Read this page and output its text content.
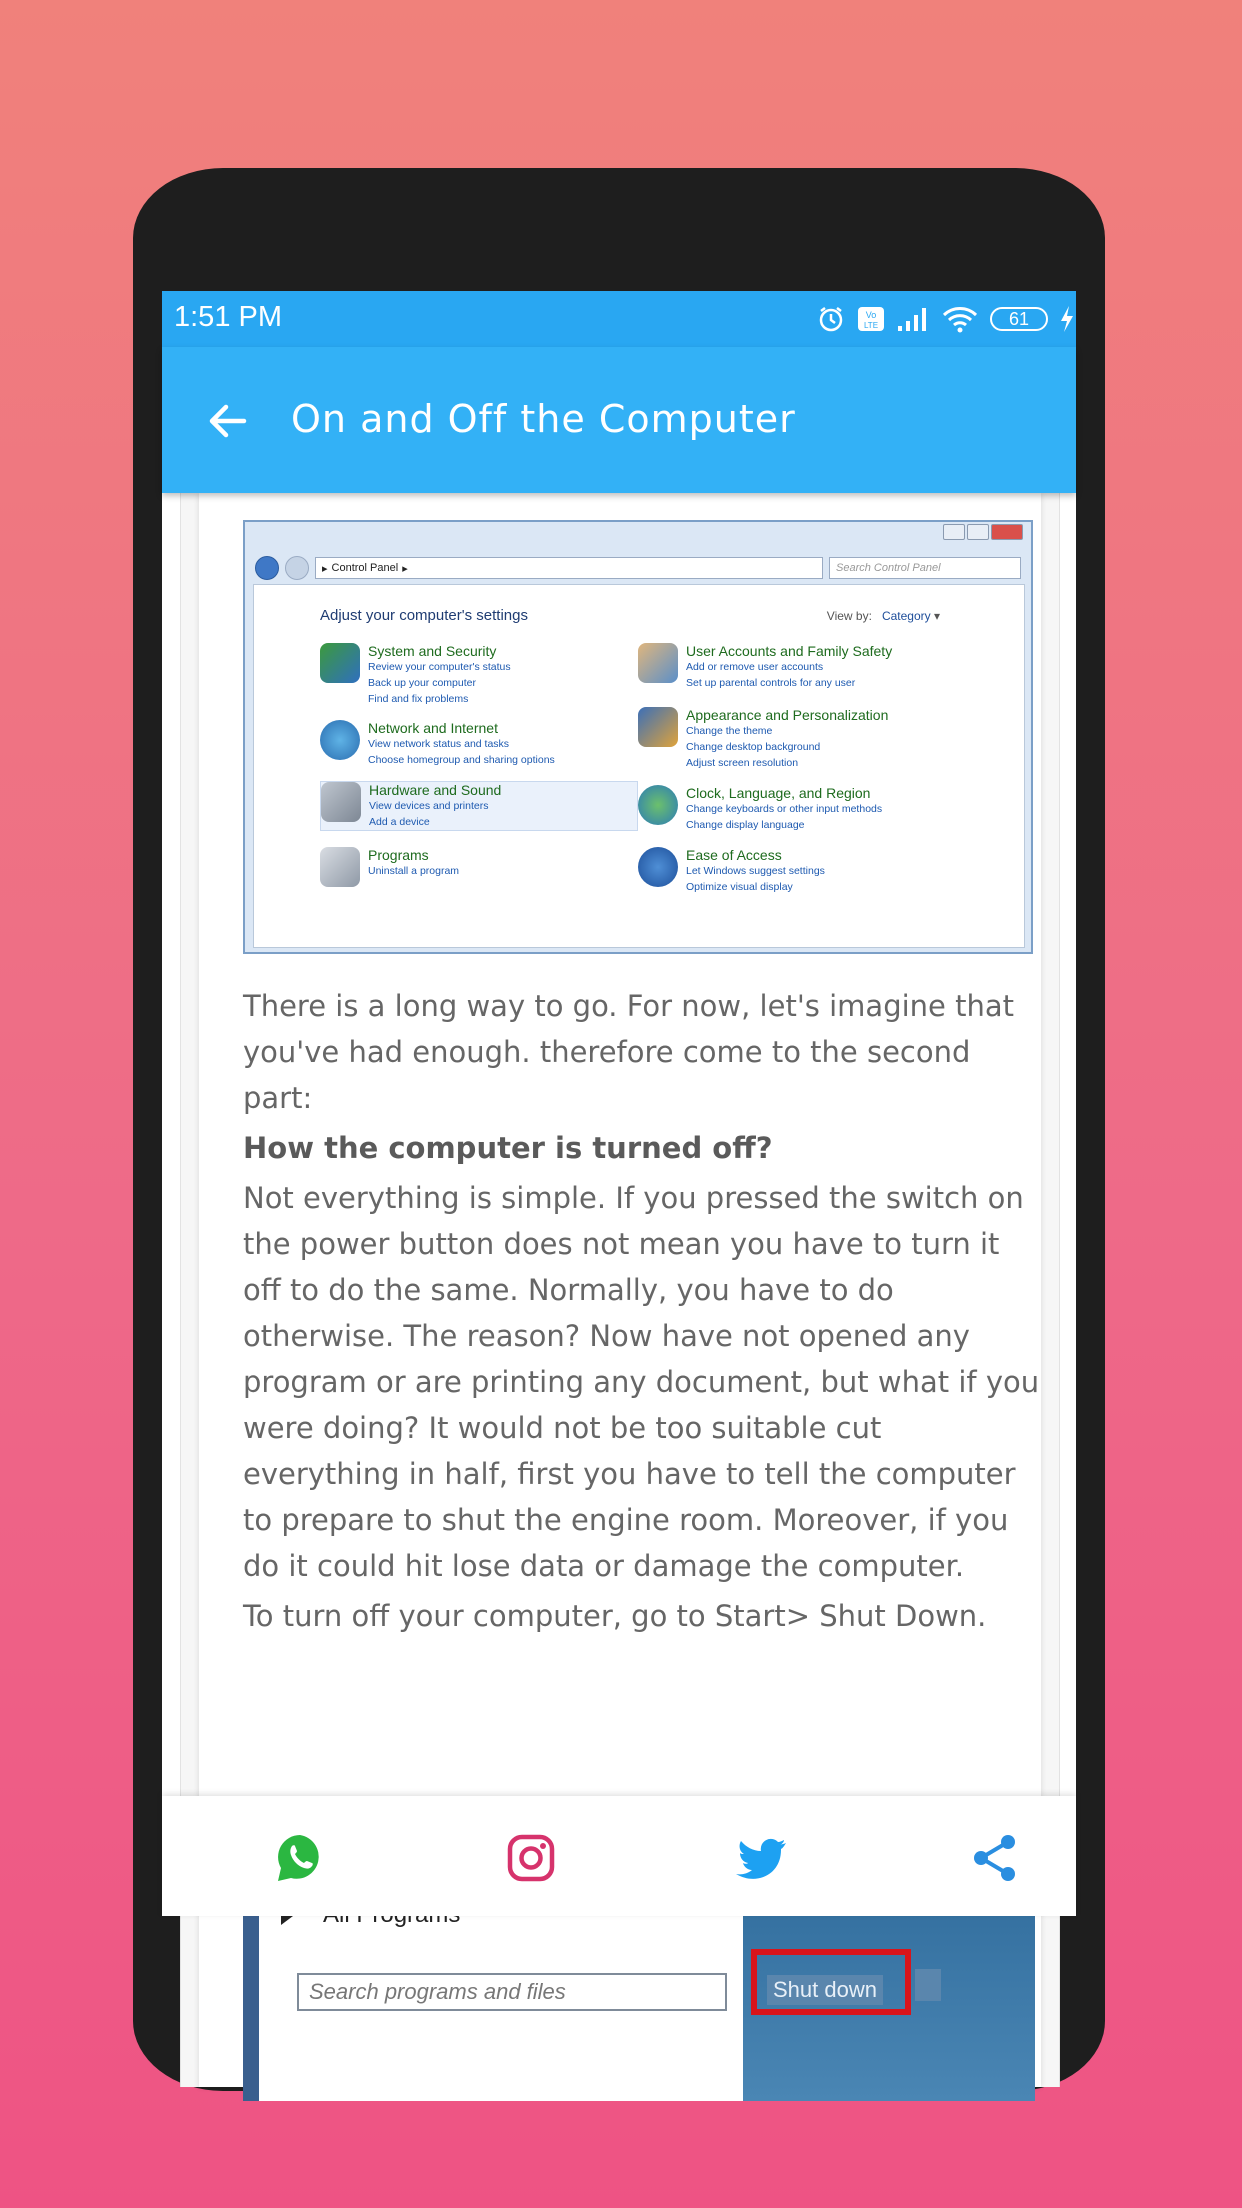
1:51 PM	Vo
LTE	61
On and Off the Computer
▸ Control Panel ▸	Search Control Panel
Adjust your computer's settings	View by: Category ▾
System and Security
Review your computer's status
Back up your computer
Find and fix problems
Network and Internet
View network status and tasks
Choose homegroup and sharing options
Hardware and Sound
View devices and printers
Add a device
Programs
Uninstall a program
User Accounts and Family Safety
Add or remove user accounts
Set up parental controls for any user
Appearance and Personalization
Change the theme
Change desktop background
Adjust screen resolution
Clock, Language, and Region
Change keyboards or other input methods
Change display language
Ease of Access
Let Windows suggest settings
Optimize visual display

There is a long way to go. For now, let's imagine that you've had enough. therefore come to the second part:

How the computer is turned off?

Not everything is simple. If you pressed the switch on the power button does not mean you have to turn it off to do the same. Normally, you have to do otherwise. The reason? Now have not opened any program or are printing any document, but what if you were doing? It would not be too suitable cut everything in half, first you have to tell the computer to prepare to shut the engine room. Moreover, if you do it could hit lose data or damage the computer.

To turn off your computer, go to Start> Shut Down.

Search programs and files	Shut down
